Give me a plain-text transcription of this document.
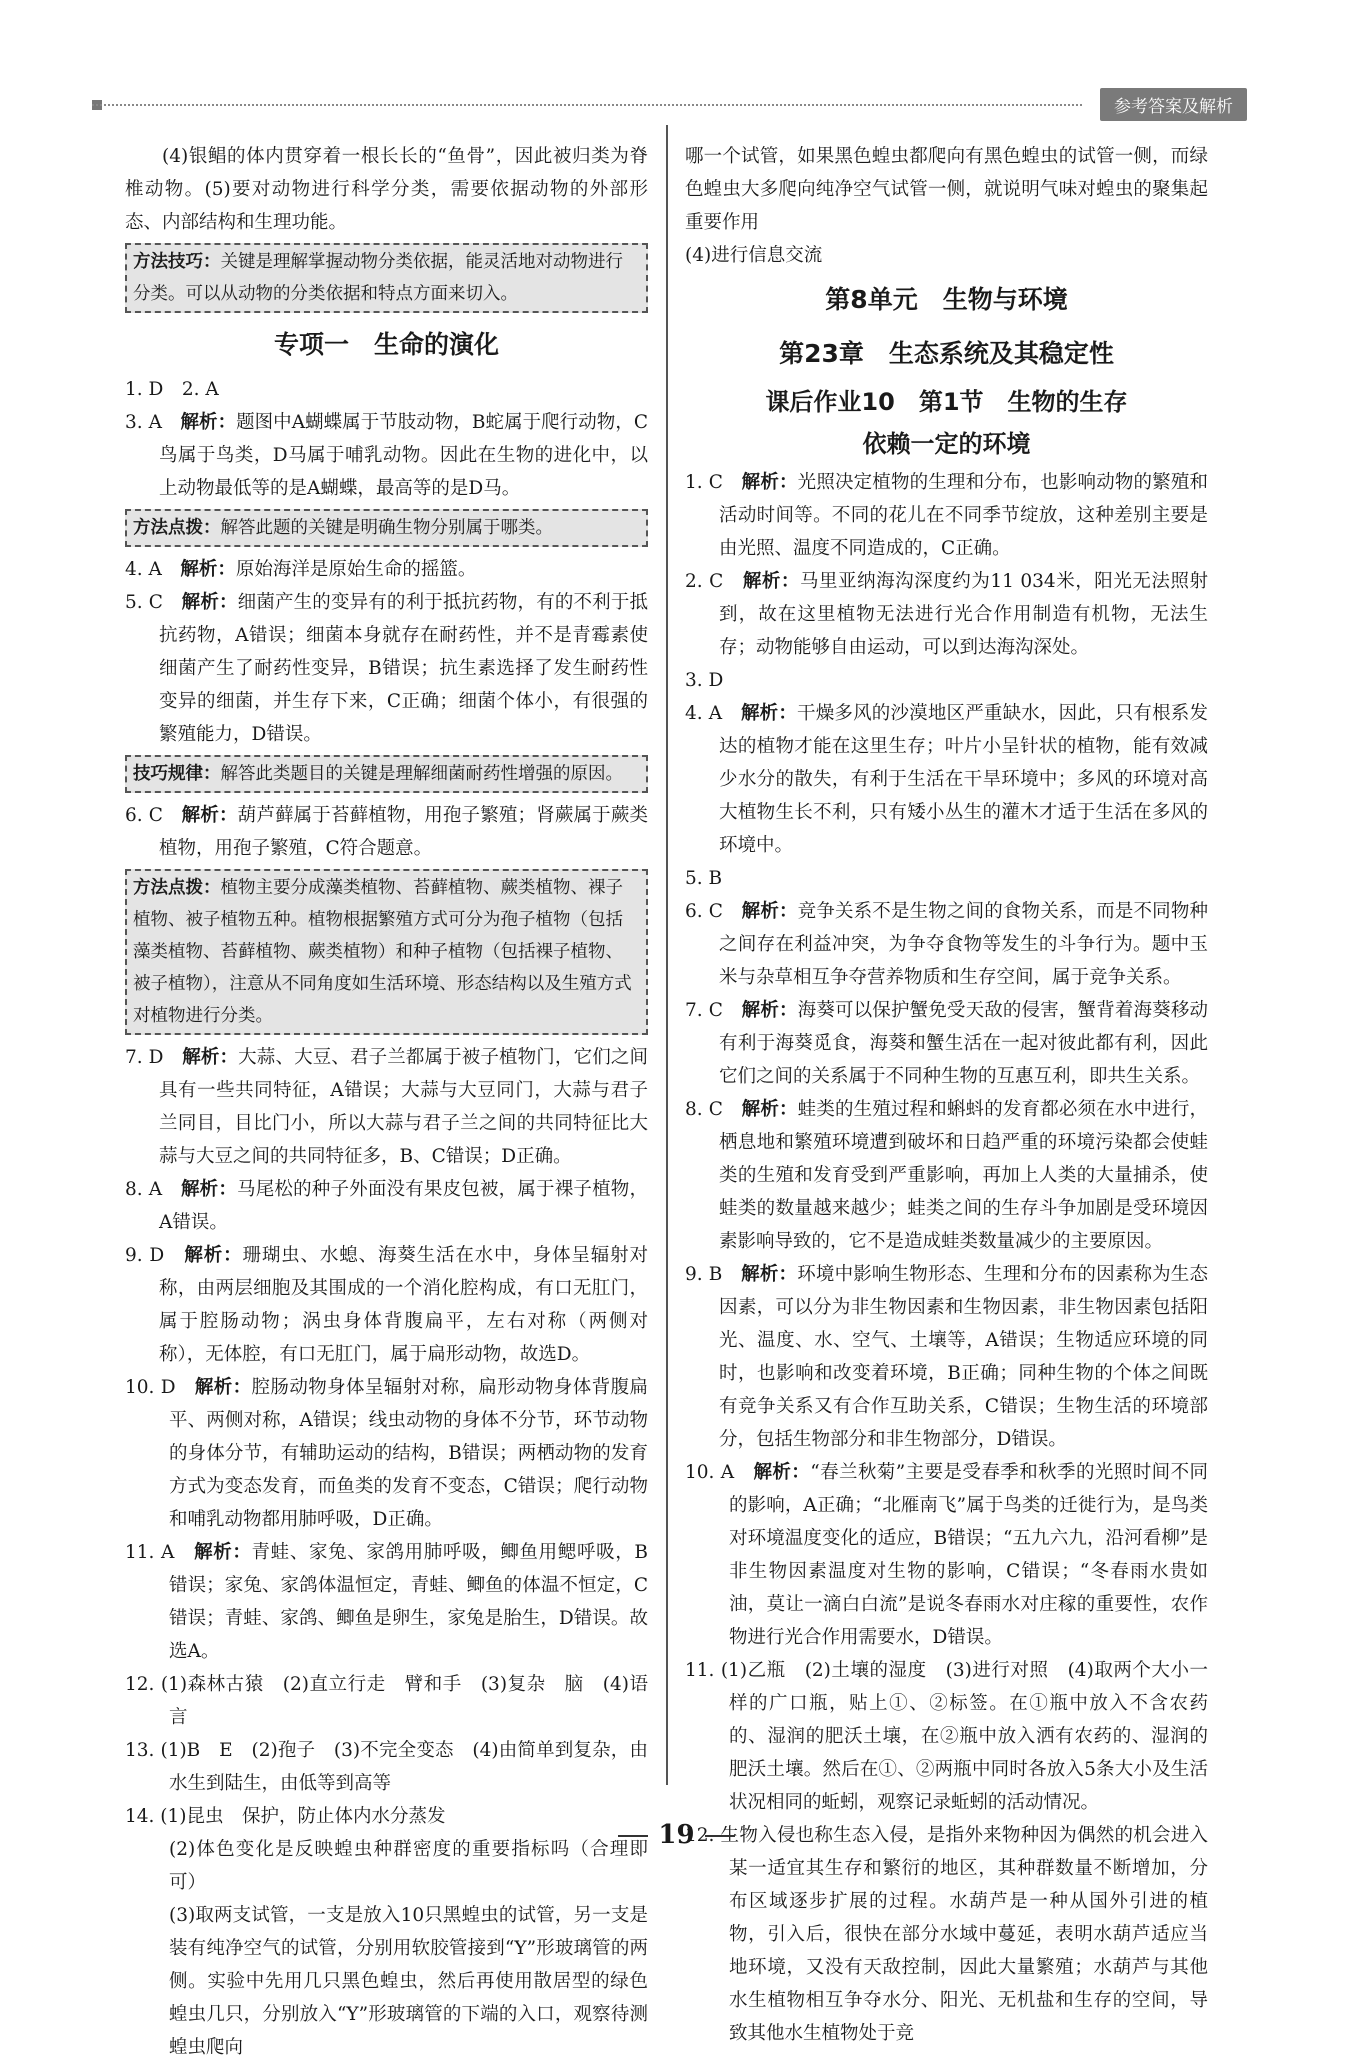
参考答案及解析

(4)银鲳的体内贯穿着一根长长的“鱼骨”，因此被归类为脊椎动物。(5)要对动物进行科学分类，需要依据动物的外部形态、内部结构和生理功能。

方法技巧：关键是理解掌握动物分类依据，能灵活地对动物进行分类。可以从动物的分类依据和特点方面来切入。
专项一　生命的演化

1. D　2. A

3. A　解析：题图中A蝴蝶属于节肢动物，B蛇属于爬行动物，C鸟属于鸟类，D马属于哺乳动物。因此在生物的进化中，以上动物最低等的是A蝴蝶，最高等的是D马。

方法点拨：解答此题的关键是明确生物分别属于哪类。

4. A　解析：原始海洋是原始生命的摇篮。

5. C　解析：细菌产生的变异有的利于抵抗药物，有的不利于抵抗药物，A错误；细菌本身就存在耐药性，并不是青霉素使细菌产生了耐药性变异，B错误；抗生素选择了发生耐药性变异的细菌，并生存下来，C正确；细菌个体小，有很强的繁殖能力，D错误。

技巧规律：解答此类题目的关键是理解细菌耐药性增强的原因。

6. C　解析：葫芦藓属于苔藓植物，用孢子繁殖；肾蕨属于蕨类植物，用孢子繁殖，C符合题意。

方法点拨：植物主要分成藻类植物、苔藓植物、蕨类植物、裸子植物、被子植物五种。植物根据繁殖方式可分为孢子植物（包括藻类植物、苔藓植物、蕨类植物）和种子植物（包括裸子植物、被子植物），注意从不同角度如生活环境、形态结构以及生殖方式对植物进行分类。

7. D　解析：大蒜、大豆、君子兰都属于被子植物门，它们之间具有一些共同特征，A错误；大蒜与大豆同门，大蒜与君子兰同目，目比门小，所以大蒜与君子兰之间的共同特征比大蒜与大豆之间的共同特征多，B、C错误；D正确。

8. A　解析：马尾松的种子外面没有果皮包被，属于裸子植物，A错误。

9. D　解析：珊瑚虫、水螅、海葵生活在水中，身体呈辐射对称，由两层细胞及其围成的一个消化腔构成，有口无肛门，属于腔肠动物；涡虫身体背腹扁平，左右对称（两侧对称），无体腔，有口无肛门，属于扁形动物，故选D。

10. D　解析：腔肠动物身体呈辐射对称，扁形动物身体背腹扁平、两侧对称，A错误；线虫动物的身体不分节，环节动物的身体分节，有辅助运动的结构，B错误；两栖动物的发育方式为变态发育，而鱼类的发育不变态，C错误；爬行动物和哺乳动物都用肺呼吸，D正确。

11. A　解析：青蛙、家兔、家鸽用肺呼吸，鲫鱼用鳃呼吸，B错误；家兔、家鸽体温恒定，青蛙、鲫鱼的体温不恒定，C错误；青蛙、家鸽、鲫鱼是卵生，家兔是胎生，D错误。故选A。

12. (1)森林古猿　(2)直立行走　臂和手　(3)复杂　脑　(4)语言

13. (1)B　E　(2)孢子　(3)不完全变态　(4)由简单到复杂，由水生到陆生，由低等到高等

14. (1)昆虫　保护，防止体内水分蒸发

(2)体色变化是反映蝗虫种群密度的重要指标吗（合理即可）

(3)取两支试管，一支是放入10只黑蝗虫的试管，另一支是装有纯净空气的试管，分别用软胶管接到“Y”形玻璃管的两侧。实验中先用几只黑色蝗虫，然后再使用散居型的绿色蝗虫几只，分别放入“Y”形玻璃管的下端的入口，观察待测蝗虫爬向

哪一个试管，如果黑色蝗虫都爬向有黑色蝗虫的试管一侧，而绿色蝗虫大多爬向纯净空气试管一侧，就说明气味对蝗虫的聚集起重要作用

(4)进行信息交流

第8单元　生物与环境
第23章　生态系统及其稳定性
课后作业10　第1节　生物的生存
依赖一定的环境

1. C　解析：光照决定植物的生理和分布，也影响动物的繁殖和活动时间等。不同的花儿在不同季节绽放，这种差别主要是由光照、温度不同造成的，C正确。

2. C　解析：马里亚纳海沟深度约为11 034米，阳光无法照射到，故在这里植物无法进行光合作用制造有机物，无法生存；动物能够自由运动，可以到达海沟深处。

3. D

4. A　解析：干燥多风的沙漠地区严重缺水，因此，只有根系发达的植物才能在这里生存；叶片小呈针状的植物，能有效减少水分的散失，有利于生活在干旱环境中；多风的环境对高大植物生长不利，只有矮小丛生的灌木才适于生活在多风的环境中。

5. B

6. C　解析：竞争关系不是生物之间的食物关系，而是不同物种之间存在利益冲突，为争夺食物等发生的斗争行为。题中玉米与杂草相互争夺营养物质和生存空间，属于竞争关系。

7. C　解析：海葵可以保护蟹免受天敌的侵害，蟹背着海葵移动有利于海葵觅食，海葵和蟹生活在一起对彼此都有利，因此它们之间的关系属于不同种生物的互惠互利，即共生关系。

8. C　解析：蛙类的生殖过程和蝌蚪的发育都必须在水中进行，栖息地和繁殖环境遭到破坏和日趋严重的环境污染都会使蛙类的生殖和发育受到严重影响，再加上人类的大量捕杀，使蛙类的数量越来越少；蛙类之间的生存斗争加剧是受环境因素影响导致的，它不是造成蛙类数量减少的主要原因。

9. B　解析：环境中影响生物形态、生理和分布的因素称为生态因素，可以分为非生物因素和生物因素，非生物因素包括阳光、温度、水、空气、土壤等，A错误；生物适应环境的同时，也影响和改变着环境，B正确；同种生物的个体之间既有竞争关系又有合作互助关系，C错误；生物生活的环境部分，包括生物部分和非生物部分，D错误。

10. A　解析：“春兰秋菊”主要是受春季和秋季的光照时间不同的影响，A正确；“北雁南飞”属于鸟类的迁徙行为，是鸟类对环境温度变化的适应，B错误；“五九六九，沿河看柳”是非生物因素温度对生物的影响，C错误；“冬春雨水贵如油，莫让一滴白白流”是说冬春雨水对庄稼的重要性，农作物进行光合作用需要水，D错误。

11. (1)乙瓶　(2)土壤的湿度　(3)进行对照　(4)取两个大小一样的广口瓶，贴上①、②标签。在①瓶中放入不含农药的、湿润的肥沃土壤，在②瓶中放入洒有农药的、湿润的肥沃土壤。然后在①、②两瓶中同时各放入5条大小及生活状况相同的蚯蚓，观察记录蚯蚓的活动情况。

12. 生物入侵也称生态入侵，是指外来物种因为偶然的机会进入某一适宜其生存和繁衍的地区，其种群数量不断增加，分布区域逐步扩展的过程。水葫芦是一种从国外引进的植物，引入后，很快在部分水域中蔓延，表明水葫芦适应当地环境，又没有天敌控制，因此大量繁殖；水葫芦与其他水生植物相互争夺水分、阳光、无机盐和生存的空间，导致其他水生植物处于竞

19
